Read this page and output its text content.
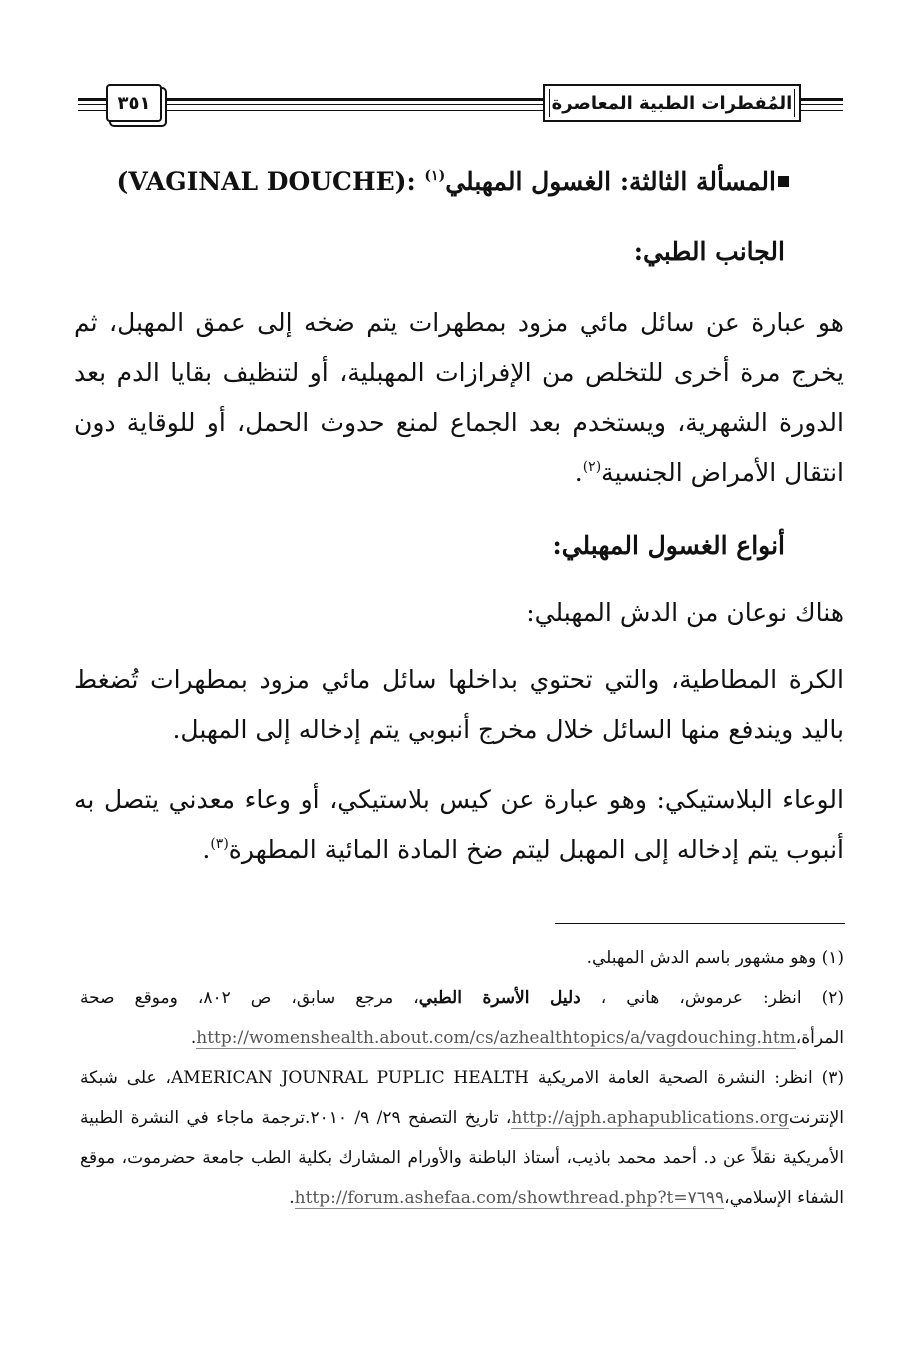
٣٥١	المُفطرات الطبية المعاصرة
المسألة الثالثة: الغسول المهبلي$^{(١)}$ (VAGINAL DOUCHE):
الجانب الطبي:
هو عبارة عن سائل مائي مزود بمطهرات يتم ضخه إلى عمق المهبل، ثم يخرج مرة أخرى للتخلص من الإفرازات المهبلية، أو لتنظيف بقايا الدم بعد الدورة الشهرية، ويستخدم بعد الجماع لمنع حدوث الحمل، أو للوقاية دون انتقال الأمراض الجنسية$^{(٢)}$.
أنواع الغسول المهبلي:
هناك نوعان من الدش المهبلي:
الكرة المطاطية، والتي تحتوي بداخلها سائل مائي مزود بمطهرات تُضغط باليد ويندفع منها السائل خلال مخرج أنبوبي يتم إدخاله إلى المهبل.
الوعاء البلاستيكي: وهو عبارة عن كيس بلاستيكي، أو وعاء معدني يتصل به أنبوب يتم إدخاله إلى المهبل ليتم ضخ المادة المائية المطهرة$^{(٣)}$.
(١) وهو مشهور باسم الدش المهبلي.
(٢) انظر: عرموش، هاني ، دليل الأسرة الطبي، مرجع سابق، ص ٨٠٢، وموقع صحة المرأة،http://womenshealth.about.com/cs/azhealthtopics/a/vagdouching.htm.
(٣) انظر: النشرة الصحية العامة الامريكية AMERICAN JOUNRAL PUPLIC HEALTH، على شبكة الإنترنتhttp://ajph.aphapublications.org، تاريخ التصفح ٢٩/ ٩/ ٢٠١٠.ترجمة ماجاء في النشرة الطبية الأمريكية نقلاً عن د. أحمد محمد باذيب، أستاذ الباطنة والأورام المشارك بكلية الطب جامعة حضرموت، موقع الشفاء الإسلامي،http://forum.ashefaa.com/showthread.php?t=٧٦٩٩.
